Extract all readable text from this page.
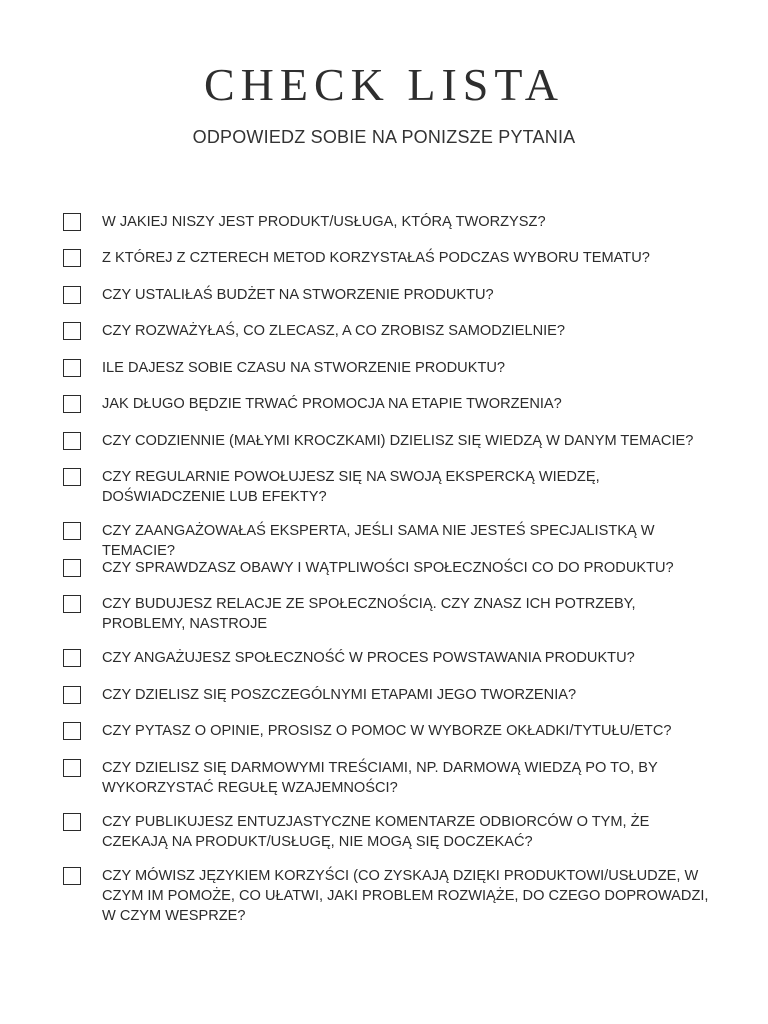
CHECK LISTA

ODPOWIEDZ SOBIE NA PONIZSZE PYTANIA

W JAKIEJ NISZY JEST PRODUKT/USŁUGA, KTÓRĄ TWORZYSZ?
Z KTÓREJ Z CZTERECH METOD KORZYSTAŁAŚ PODCZAS WYBORU TEMATU?
CZY USTALIŁAŚ BUDŻET NA STWORZENIE PRODUKTU?
CZY ROZWAŻYŁAŚ, CO ZLECASZ, A CO ZROBISZ SAMODZIELNIE?
ILE DAJESZ SOBIE CZASU NA STWORZENIE PRODUKTU?
JAK DŁUGO BĘDZIE TRWAĆ PROMOCJA NA ETAPIE TWORZENIA?
CZY CODZIENNIE (MAŁYMI KROCZKAMI) DZIELISZ SIĘ WIEDZĄ W DANYM TEMACIE?
CZY REGULARNIE POWOŁUJESZ SIĘ NA SWOJĄ EKSPERCKĄ WIEDZĘ, DOŚWIADCZENIE LUB EFEKTY?
CZY ZAANGAŻOWAŁAŚ EKSPERTA, JEŚLI SAMA NIE JESTEŚ SPECJALISTKĄ W TEMACIE?
CZY SPRAWDZASZ OBAWY I WĄTPLIWOŚCI SPOŁECZNOŚCI CO DO PRODUKTU?
CZY BUDUJESZ RELACJE ZE SPOŁECZNOŚCIĄ. CZY ZNASZ ICH POTRZEBY, PROBLEMY, NASTROJE
CZY ANGAŻUJESZ SPOŁECZNOŚĆ W PROCES POWSTAWANIA PRODUKTU?
CZY DZIELISZ SIĘ POSZCZEGÓLNYMI ETAPAMI JEGO TWORZENIA?
CZY PYTASZ O OPINIE, PROSISZ O POMOC W WYBORZE OKŁADKI/TYTUŁU/ETC?
CZY DZIELISZ SIĘ DARMOWYMI TREŚCIAMI, NP. DARMOWĄ WIEDZĄ PO TO, BY WYKORZYSTAĆ REGUŁĘ WZAJEMNOŚCI?
CZY PUBLIKUJESZ ENTUZJASTYCZNE KOMENTARZE ODBIORCÓW O TYM, ŻE CZEKAJĄ NA PRODUKT/USŁUGĘ, NIE MOGĄ SIĘ DOCZEKAĆ?
CZY MÓWISZ JĘZYKIEM KORZYŚCI (CO ZYSKAJĄ DZIĘKI PRODUKTOWI/USŁUDZE, W CZYM IM POMOŻE, CO UŁATWI, JAKI PROBLEM ROZWIĄŻE, DO CZEGO DOPROWADZI, W CZYM WESPRZE?
